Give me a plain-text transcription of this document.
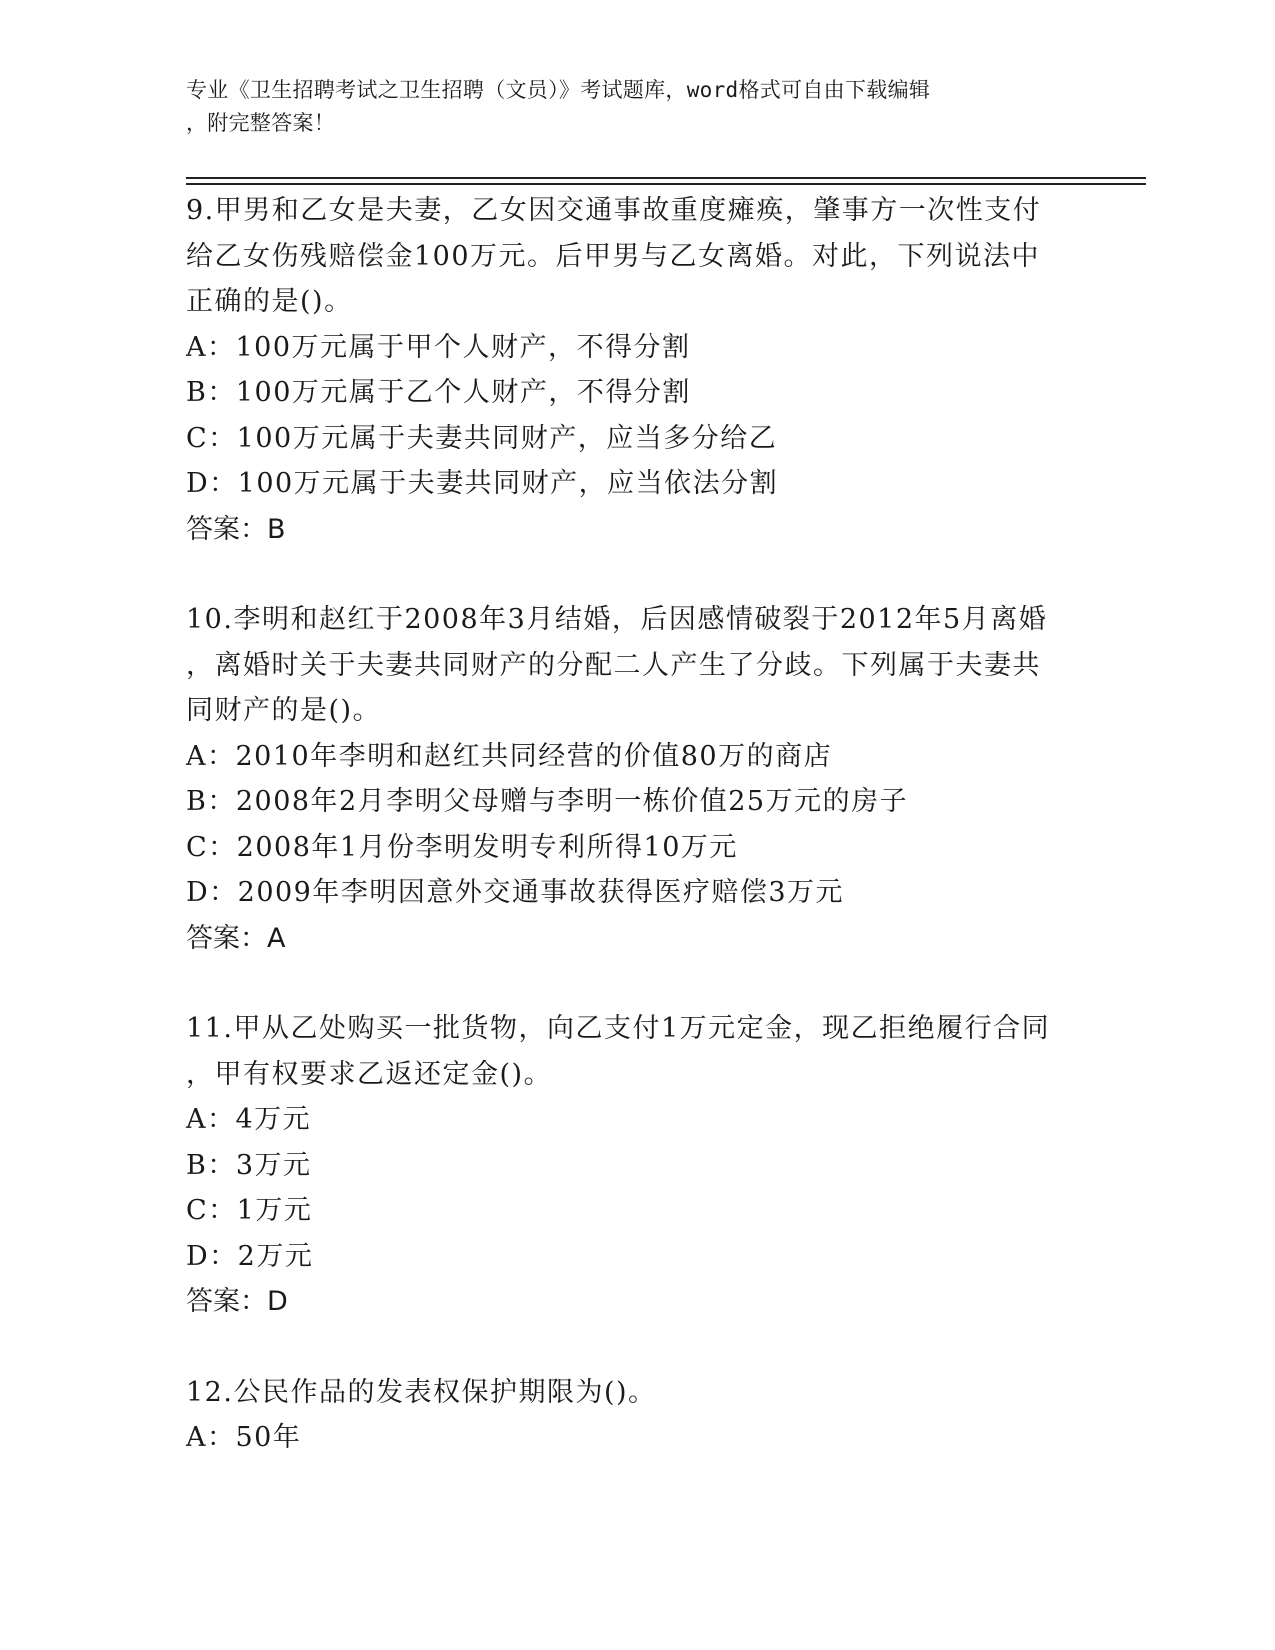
专业《卫生招聘考试之卫生招聘（文员）》考试题库，word格式可自由下载编辑
，附完整答案！
9.甲男和乙女是夫妻，乙女因交通事故重度瘫痪，肇事方一次性支付
给乙女伤残赔偿金100万元。后甲男与乙女离婚。对此，下列说法中
正确的是()。
A：100万元属于甲个人财产，不得分割
B：100万元属于乙个人财产，不得分割
C：100万元属于夫妻共同财产，应当多分给乙
D：100万元属于夫妻共同财产，应当依法分割
答案：B
10.李明和赵红于2008年3月结婚，后因感情破裂于2012年5月离婚
，离婚时关于夫妻共同财产的分配二人产生了分歧。下列属于夫妻共
同财产的是()。
A：2010年李明和赵红共同经营的价值80万的商店
B：2008年2月李明父母赠与李明一栋价值25万元的房子
C：2008年1月份李明发明专利所得10万元
D：2009年李明因意外交通事故获得医疗赔偿3万元
答案：A
11.甲从乙处购买一批货物，向乙支付1万元定金，现乙拒绝履行合同
，甲有权要求乙返还定金()。
A：4万元
B：3万元
C：1万元
D：2万元
答案：D
12.公民作品的发表权保护期限为()。
A：50年
